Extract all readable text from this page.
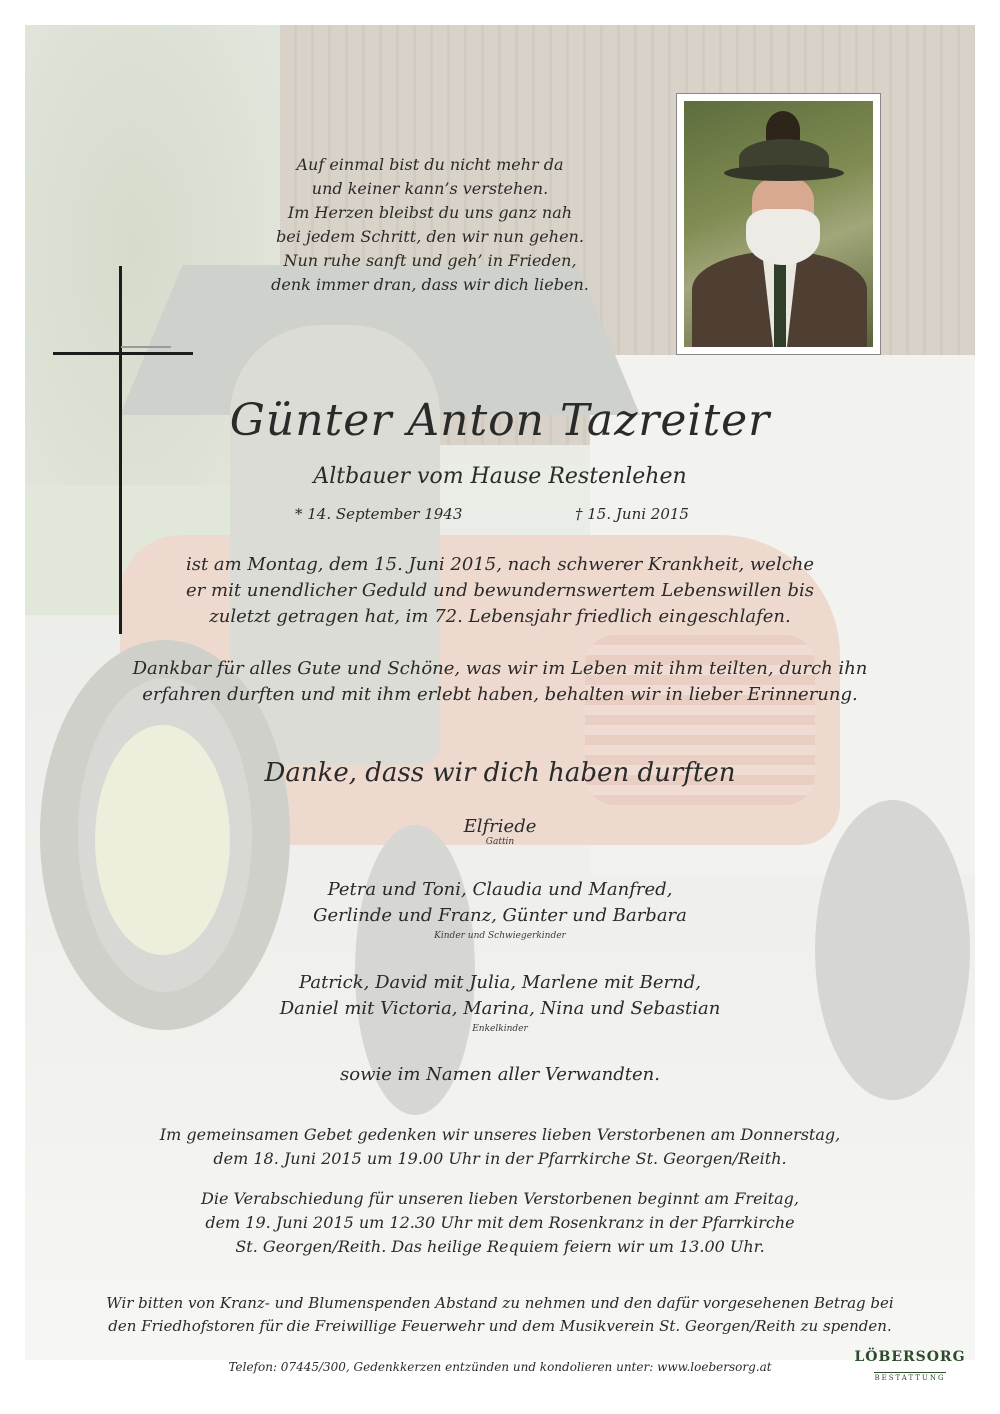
Auf einmal bist du nicht mehr da
und keiner kann’s verstehen.
Im Herzen bleibst du uns ganz nah
bei jedem Schritt, den wir nun gehen.
Nun ruhe sanft und geh’ in Frieden,
denk immer dran, dass wir dich lieben.
Günter Anton Tazreiter
Altbauer vom Hause Restenlehen
* 14. September 1943	† 15. Juni 2015
ist am Montag, dem 15. Juni 2015, nach schwerer Krankheit, welche
er mit unendlicher Geduld und bewundernswertem Lebenswillen bis
zuletzt getragen hat, im 72. Lebensjahr friedlich eingeschlafen.
Dankbar für alles Gute und Schöne, was wir im Leben mit ihm teilten, durch ihn
erfahren durften und mit ihm erlebt haben, behalten wir in lieber Erinnerung.
Danke, dass wir dich haben durften
Elfriede
Gattin
Petra und Toni, Claudia und Manfred,
Gerlinde und Franz, Günter und Barbara
Kinder und Schwiegerkinder
Patrick, David mit Julia, Marlene mit Bernd,
Daniel mit Victoria, Marina, Nina und Sebastian
Enkelkinder
sowie im Namen aller Verwandten.
Im gemeinsamen Gebet gedenken wir unseres lieben Verstorbenen am Donnerstag,
dem 18. Juni 2015 um 19.00 Uhr in der Pfarrkirche St. Georgen/Reith.
Die Verabschiedung für unseren lieben Verstorbenen beginnt am Freitag,
dem 19. Juni 2015 um 12.30 Uhr mit dem Rosenkranz in der Pfarrkirche
St. Georgen/Reith. Das heilige Requiem feiern wir um 13.00 Uhr.
Wir bitten von Kranz- und Blumenspenden Abstand zu nehmen und den dafür vorgesehenen Betrag bei
den Friedhofstoren für die Freiwillige Feuerwehr und dem Musikverein St. Georgen/Reith zu spenden.
Telefon: 07445/300, Gedenkkerzen entzünden und kondolieren unter: www.loebersorg.at
LÖBERSORG
BESTATTUNG
